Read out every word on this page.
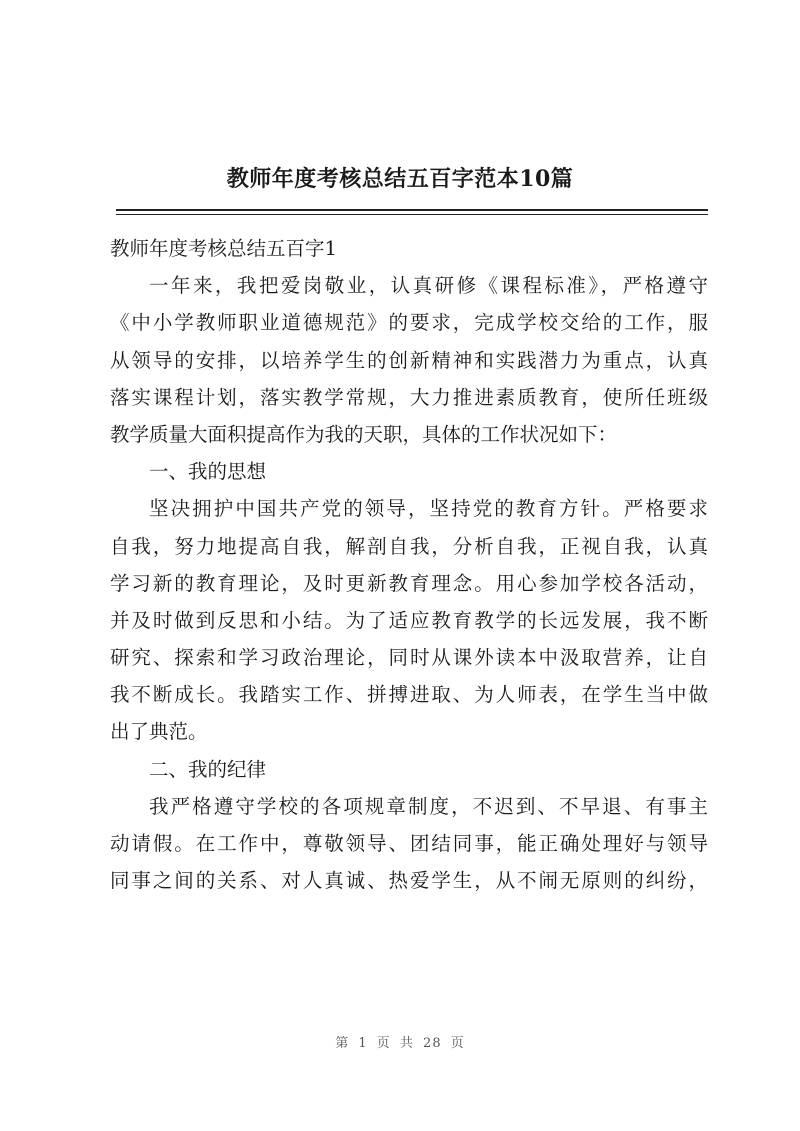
教师年度考核总结五百字范本10篇
教师年度考核总结五百字1
一年来，我把爱岗敬业，认真研修《课程标准》，严格遵守
《中小学教师职业道德规范》的要求，完成学校交给的工作，服
从领导的安排，以培养学生的创新精神和实践潜力为重点，认真
落实课程计划，落实教学常规，大力推进素质教育，使所任班级
教学质量大面积提高作为我的天职，具体的工作状况如下：
一、我的思想
坚决拥护中国共产党的领导，坚持党的教育方针。严格要求
自我，努力地提高自我，解剖自我，分析自我，正视自我，认真
学习新的教育理论，及时更新教育理念。用心参加学校各活动，
并及时做到反思和小结。为了适应教育教学的长远发展，我不断
研究、探索和学习政治理论，同时从课外读本中汲取营养，让自
我不断成长。我踏实工作、拼搏进取、为人师表，在学生当中做
出了典范。
二、我的纪律
我严格遵守学校的各项规章制度，不迟到、不早退、有事主
动请假。在工作中，尊敬领导、团结同事，能正确处理好与领导
同事之间的关系、对人真诚、热爱学生，从不闹无原则的纠纷，
第 1 页 共 28 页
